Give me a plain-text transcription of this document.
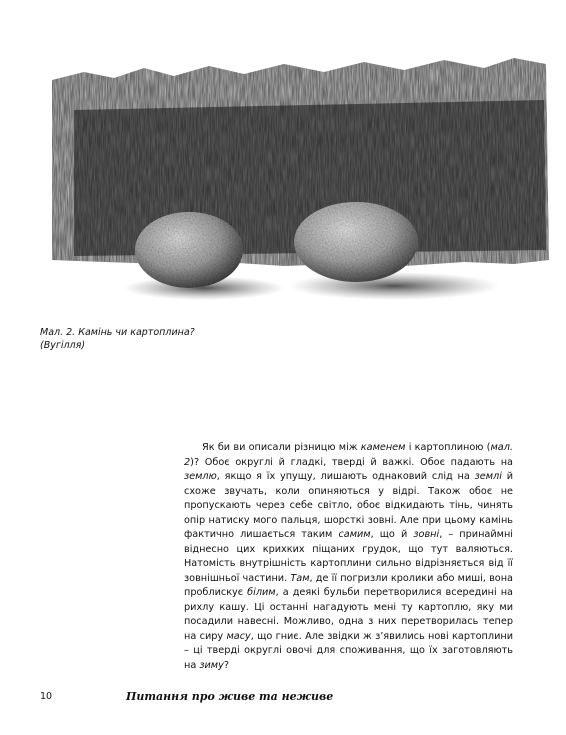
Мал. 2. Камінь чи картоплина?
(Вугілля)

Як би ви описали різницю між каменем і картоплиною (мал. 2)? Обоє округлі й гладкі, тверді й важкі. Обоє падають на землю, якщо я їх упущу, лишають однаковий слід на землі й схоже звучать, коли опиняються у відрі. Також обоє не пропускають через себе світло, обоє відкидають тінь, чинять опір натиску мого пальця, шорсткі зовні. Але при цьому камінь фактично лишається таким самим, що й зовні, – принаймні віднесно цих крихких піщаних грудок, що тут валяються. Натомість внутрішність картоплини сильно відрізняється від її зовнішньої частини. Там, де її погризли кролики або миші, вона проблискує білим, а деякі бульби перетворилися всередині на рихлу кашу. Ці останні нагадують мені ту картоплю, яку ми посадили навесні. Можливо, одна з них перетворилась тепер на сиру масу, що гниє. Але звідки ж з’явились нові картоплини – ці тверді округлі овочі для споживання, що їх заготовляють на зиму?

10	Питання про живе та неживе
